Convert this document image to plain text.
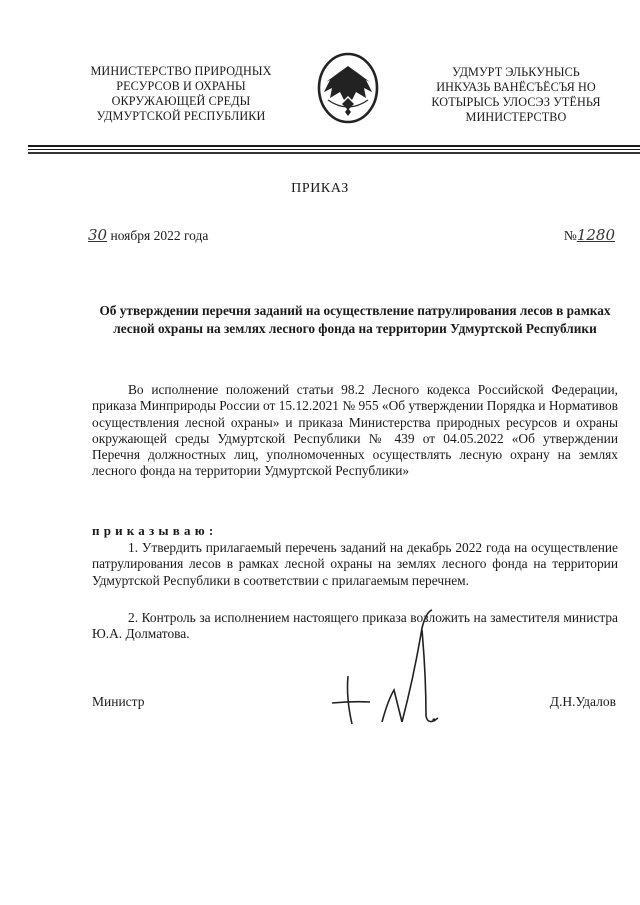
МИНИСТЕРСТВО ПРИРОДНЫХ
РЕСУРСОВ И ОХРАНЫ
ОКРУЖАЮЩЕЙ СРЕДЫ
УДМУРТСКОЙ РЕСПУБЛИКИ
УДМУРТ ЭЛЬКУНЫСЬ
ИНКУАЗЬ ВАНЁСЪЁСЪЯ НО
КОТЫРЫСЬ УЛОСЭЗ УТЁНЬЯ
МИНИСТЕРСТВО
ПРИКАЗ
30 ноября 2022 года	№1280
Об утверждении перечня заданий на осуществление патрулирования лесов в рамках лесной охраны на землях лесного фонда на территории Удмуртской Республики
Во исполнение положений статьи 98.2 Лесного кодекса Российской Федерации, приказа Минприроды России от 15.12.2021 № 955 «Об утверждении Порядка и Нормативов осуществления лесной охраны» и приказа Министерства природных ресурсов и охраны окружающей среды Удмуртской Республики № 439 от 04.05.2022 «Об утверждении Перечня должностных лиц, уполномоченных осуществлять лесную охрану на землях лесного фонда на территории Удмуртской Республики»
приказываю:
1. Утвердить прилагаемый перечень заданий на декабрь 2022 года на осуществление патрулирования лесов в рамках лесной охраны на землях лесного фонда на территории Удмуртской Республики в соответствии с прилагаемым перечнем.
2. Контроль за исполнением настоящего приказа возложить на заместителя министра Ю.А. Долматова.
Министр	Д.Н.Удалов
